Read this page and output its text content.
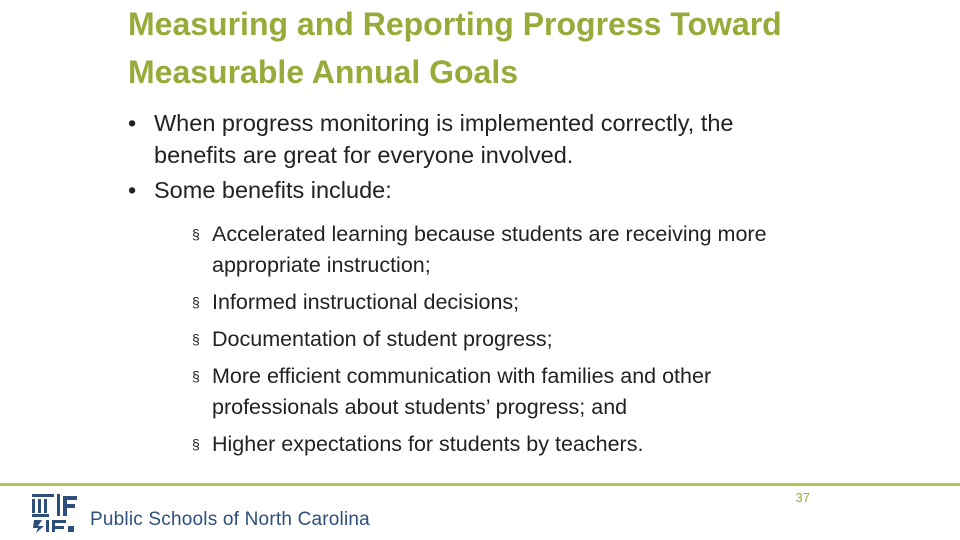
Measuring and Reporting Progress Toward Measurable Annual Goals
• When progress monitoring is implemented correctly, the benefits are great for everyone involved.
• Some benefits include:
§ Accelerated learning because students are receiving more appropriate instruction;
§ Informed instructional decisions;
§ Documentation of student progress;
§ More efficient communication with families and other professionals about students’ progress; and
§ Higher expectations for students by teachers.
37
Public Schools of North Carolina
